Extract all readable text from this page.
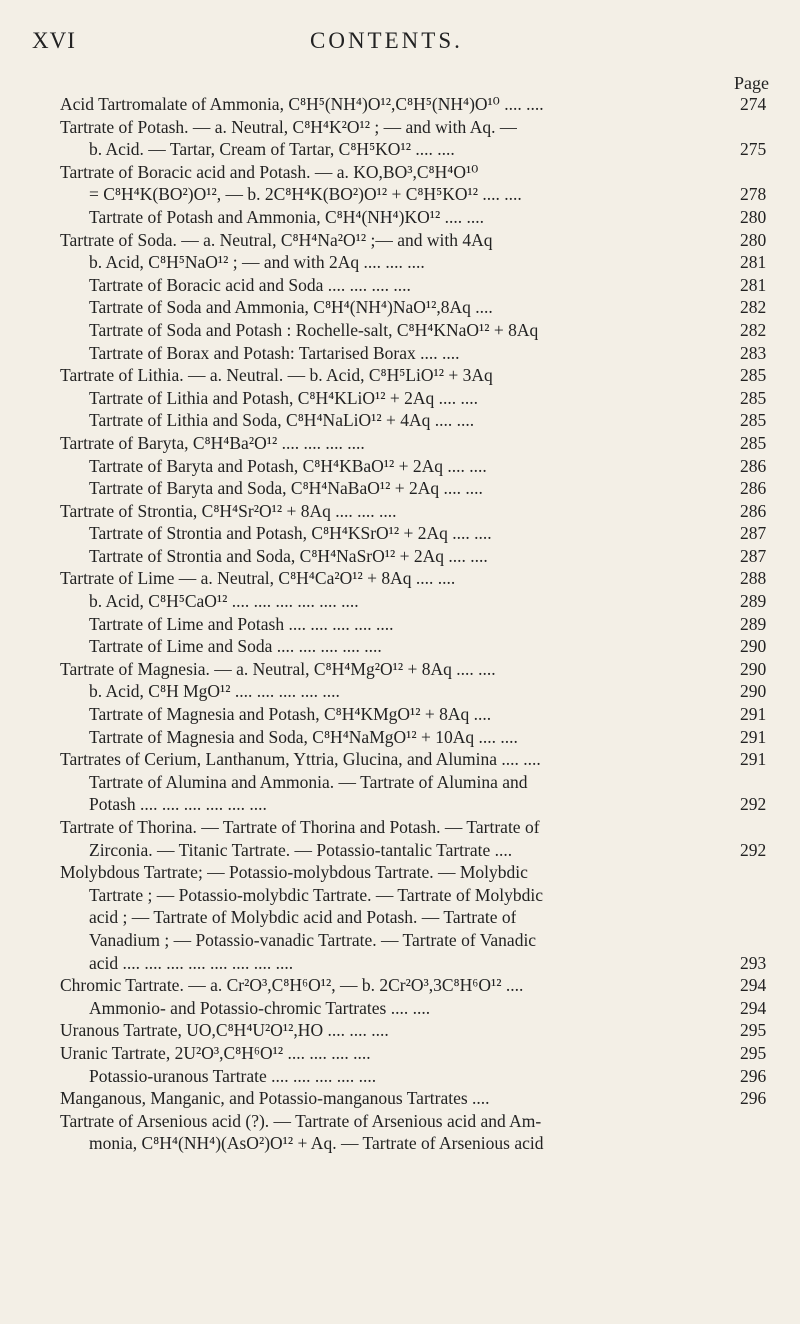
XVI	CONTENTS.
Page
Acid Tartromalate of Ammonia, C⁸H⁵(NH⁴)O¹²,C⁸H⁵(NH⁴)O¹⁰ .... ....	274
Tartrate of Potash. — a. Neutral, C⁸H⁴K²O¹² ; — and with Aq. —
b. Acid. — Tartar, Cream of Tartar, C⁸H⁵KO¹² .... ....	275
Tartrate of Boracic acid and Potash. — a. KO,BO³,C⁸H⁴O¹⁰
= C⁸H⁴K(BO²)O¹², — b. 2C⁸H⁴K(BO²)O¹² + C⁸H⁵KO¹² .... ....	278
Tartrate of Potash and Ammonia, C⁸H⁴(NH⁴)KO¹² .... ....	280
Tartrate of Soda. — a. Neutral, C⁸H⁴Na²O¹² ;— and with 4Aq	280
b. Acid, C⁸H⁵NaO¹² ; — and with 2Aq .... .... ....	281
Tartrate of Boracic acid and Soda .... .... .... ....	281
Tartrate of Soda and Ammonia, C⁸H⁴(NH⁴)NaO¹²,8Aq ....	282
Tartrate of Soda and Potash : Rochelle-salt, C⁸H⁴KNaO¹² + 8Aq	282
Tartrate of Borax and Potash: Tartarised Borax .... ....	283
Tartrate of Lithia. — a. Neutral. — b. Acid, C⁸H⁵LiO¹² + 3Aq	285
Tartrate of Lithia and Potash, C⁸H⁴KLiO¹² + 2Aq .... ....	285
Tartrate of Lithia and Soda, C⁸H⁴NaLiO¹² + 4Aq .... ....	285
Tartrate of Baryta, C⁸H⁴Ba²O¹² .... .... .... ....	285
Tartrate of Baryta and Potash, C⁸H⁴KBaO¹² + 2Aq .... ....	286
Tartrate of Baryta and Soda, C⁸H⁴NaBaO¹² + 2Aq .... ....	286
Tartrate of Strontia, C⁸H⁴Sr²O¹² + 8Aq .... .... ....	286
Tartrate of Strontia and Potash, C⁸H⁴KSrO¹² + 2Aq .... ....	287
Tartrate of Strontia and Soda, C⁸H⁴NaSrO¹² + 2Aq .... ....	287
Tartrate of Lime — a. Neutral, C⁸H⁴Ca²O¹² + 8Aq .... ....	288
b. Acid, C⁸H⁵CaO¹² .... .... .... .... .... ....	289
Tartrate of Lime and Potash .... .... .... .... ....	289
Tartrate of Lime and Soda .... .... .... .... ....	290
Tartrate of Magnesia. — a. Neutral, C⁸H⁴Mg²O¹² + 8Aq .... ....	290
b. Acid, C⁸H MgO¹² .... .... .... .... ....	290
Tartrate of Magnesia and Potash, C⁸H⁴KMgO¹² + 8Aq ....	291
Tartrate of Magnesia and Soda, C⁸H⁴NaMgO¹² + 10Aq .... ....	291
Tartrates of Cerium, Lanthanum, Yttria, Glucina, and Alumina .... ....	291
Tartrate of Alumina and Ammonia. — Tartrate of Alumina and
Potash .... .... .... .... .... ....	292
Tartrate of Thorina. — Tartrate of Thorina and Potash. — Tartrate of
Zirconia. — Titanic Tartrate. — Potassio-tantalic Tartrate ....	292
Molybdous Tartrate; — Potassio-molybdous Tartrate. — Molybdic
Tartrate ; — Potassio-molybdic Tartrate. — Tartrate of Molybdic
acid ; — Tartrate of Molybdic acid and Potash. — Tartrate of
Vanadium ; — Potassio-vanadic Tartrate. — Tartrate of Vanadic
acid .... .... .... .... .... .... .... ....	293
Chromic Tartrate. — a. Cr²O³,C⁸H⁶O¹², — b. 2Cr²O³,3C⁸H⁶O¹² ....	294
Ammonio- and Potassio-chromic Tartrates .... ....	294
Uranous Tartrate, UO,C⁸H⁴U²O¹²,HO .... .... ....	295
Uranic Tartrate, 2U²O³,C⁸H⁶O¹² .... .... .... ....	295
Potassio-uranous Tartrate .... .... .... .... ....	296
Manganous, Manganic, and Potassio-manganous Tartrates ....	296
Tartrate of Arsenious acid (?). — Tartrate of Arsenious acid and Am-
monia, C⁸H⁴(NH⁴)(AsO²)O¹² + Aq. — Tartrate of Arsenious acid
